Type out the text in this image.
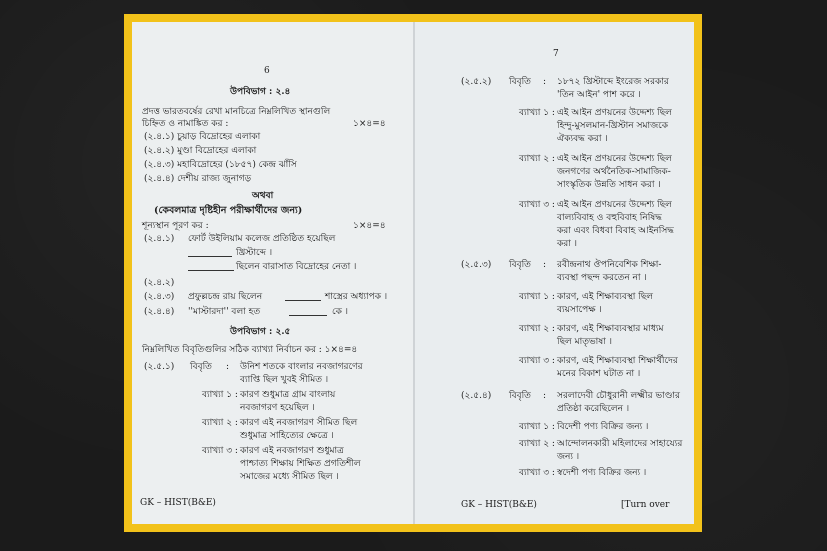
6
উপবিভাগ : ২.৪
প্রদত্ত ভারতবর্ষের রেখা মানচিত্রে নিম্নলিখিত স্থানগুলি
চিহ্নিত ও নামাঙ্কিত কর :	১×৪=৪
(২.৪.১) চুয়াড় বিদ্রোহের এলাকা
(২.৪.২) মুণ্ডা বিদ্রোহের এলাকা
(২.৪.৩) মহাবিদ্রোহের (১৮৫৭) কেন্দ্র ঝাঁসি
(২.৪.৪) দেশীয় রাজ্য জুনাগড়
অথবা
(কেবলমাত্র দৃষ্টিহীন পরীক্ষার্থীদের জন্য)
শূন্যস্থান পূরণ কর :	১×৪=৪
(২.৪.১) ফোর্ট উইলিয়াম কলেজ প্রতিষ্ঠিত হয়েছিল
খ্রিস্টাব্দে ।
ছিলেন বারাসাত বিদ্রোহের নেতা ।
(২.৪.২)
(২.৪.৩) প্রফুল্লচন্দ্র রায় ছিলেন	শাস্ত্রের অধ্যাপক ।
(২.৪.৪) ''মাস্টারদা'' বলা হত	কে ।
উপবিভাগ : ২.৫
নিম্নলিখিত বিবৃতিগুলির সঠিক ব্যাখ্যা নির্বাচন কর : ১×৪=৪
(২.৫.১) বিবৃতি : উনিশ শতকে বাংলার নবজাগরণের
ব্যাপ্তি ছিল খুবই সীমিত ।
ব্যাখ্যা ১ : কারণ শুধুমাত্র গ্রাম বাংলায়
নবজাগরণ হয়েছিল ।
ব্যাখ্যা ২ : কারণ এই নবজাগরণ সীমিত ছিল
শুধুমাত্র সাহিত্যের ক্ষেত্রে ।
ব্যাখ্যা ৩ : কারণ এই নবজাগরণ শুধুমাত্র
পাশ্চাত্য শিক্ষায় শিক্ষিত প্রগতিশীল
সমাজের মধ্যে সীমিত ছিল ।
GK – HIST(B&E)
7
(২.৫.২) বিবৃতি : ১৮৭২ খ্রিস্টাব্দে ইংরেজ সরকার
'তিন আইন' পাশ করে ।
ব্যাখ্যা ১ : এই আইন প্রণয়নের উদ্দেশ্য ছিল
হিন্দু-মুসলমান-খ্রিস্টান সমাজকে
ঐক্যবদ্ধ করা ।
ব্যাখ্যা ২ : এই আইন প্রণয়নের উদ্দেশ্য ছিল
জনগণের অর্থনৈতিক-সামাজিক-
সাংস্কৃতিক উন্নতি সাধন করা ।
ব্যাখ্যা ৩ : এই আইন প্রণয়নের উদ্দেশ্য ছিল
বাল্যবিবাহ ও বহুবিবাহ নিষিদ্ধ
করা এবং বিধবা বিবাহ আইনসিদ্ধ
করা ।
(২.৫.৩) বিবৃতি : রবীন্দ্রনাথ ঔপনিবেশিক শিক্ষা-
ব্যবস্থা পছন্দ করতেন না ।
ব্যাখ্যা ১ : কারণ, এই শিক্ষাব্যবস্থা ছিল
ব্যয়সাপেক্ষ ।
ব্যাখ্যা ২ : কারণ, এই শিক্ষাব্যবস্থার মাধ্যম
ছিল মাতৃভাষা ।
ব্যাখ্যা ৩ : কারণ, এই শিক্ষাব্যবস্থা শিক্ষার্থীদের
মনের বিকাশ ঘটাত না ।
(২.৫.৪) বিবৃতি : সরলাদেবী চৌধুরানী লক্ষ্মীর ভাণ্ডার
প্রতিষ্ঠা করেছিলেন ।
ব্যাখ্যা ১ : বিদেশী পণ্য বিক্রির জন্য ।
ব্যাখ্যা ২ : আন্দোলনকারী মহিলাদের সাহায্যের
জন্য ।
ব্যাখ্যা ৩ : স্বদেশী পণ্য বিক্রির জন্য ।
GK – HIST(B&E)	[Turn over
